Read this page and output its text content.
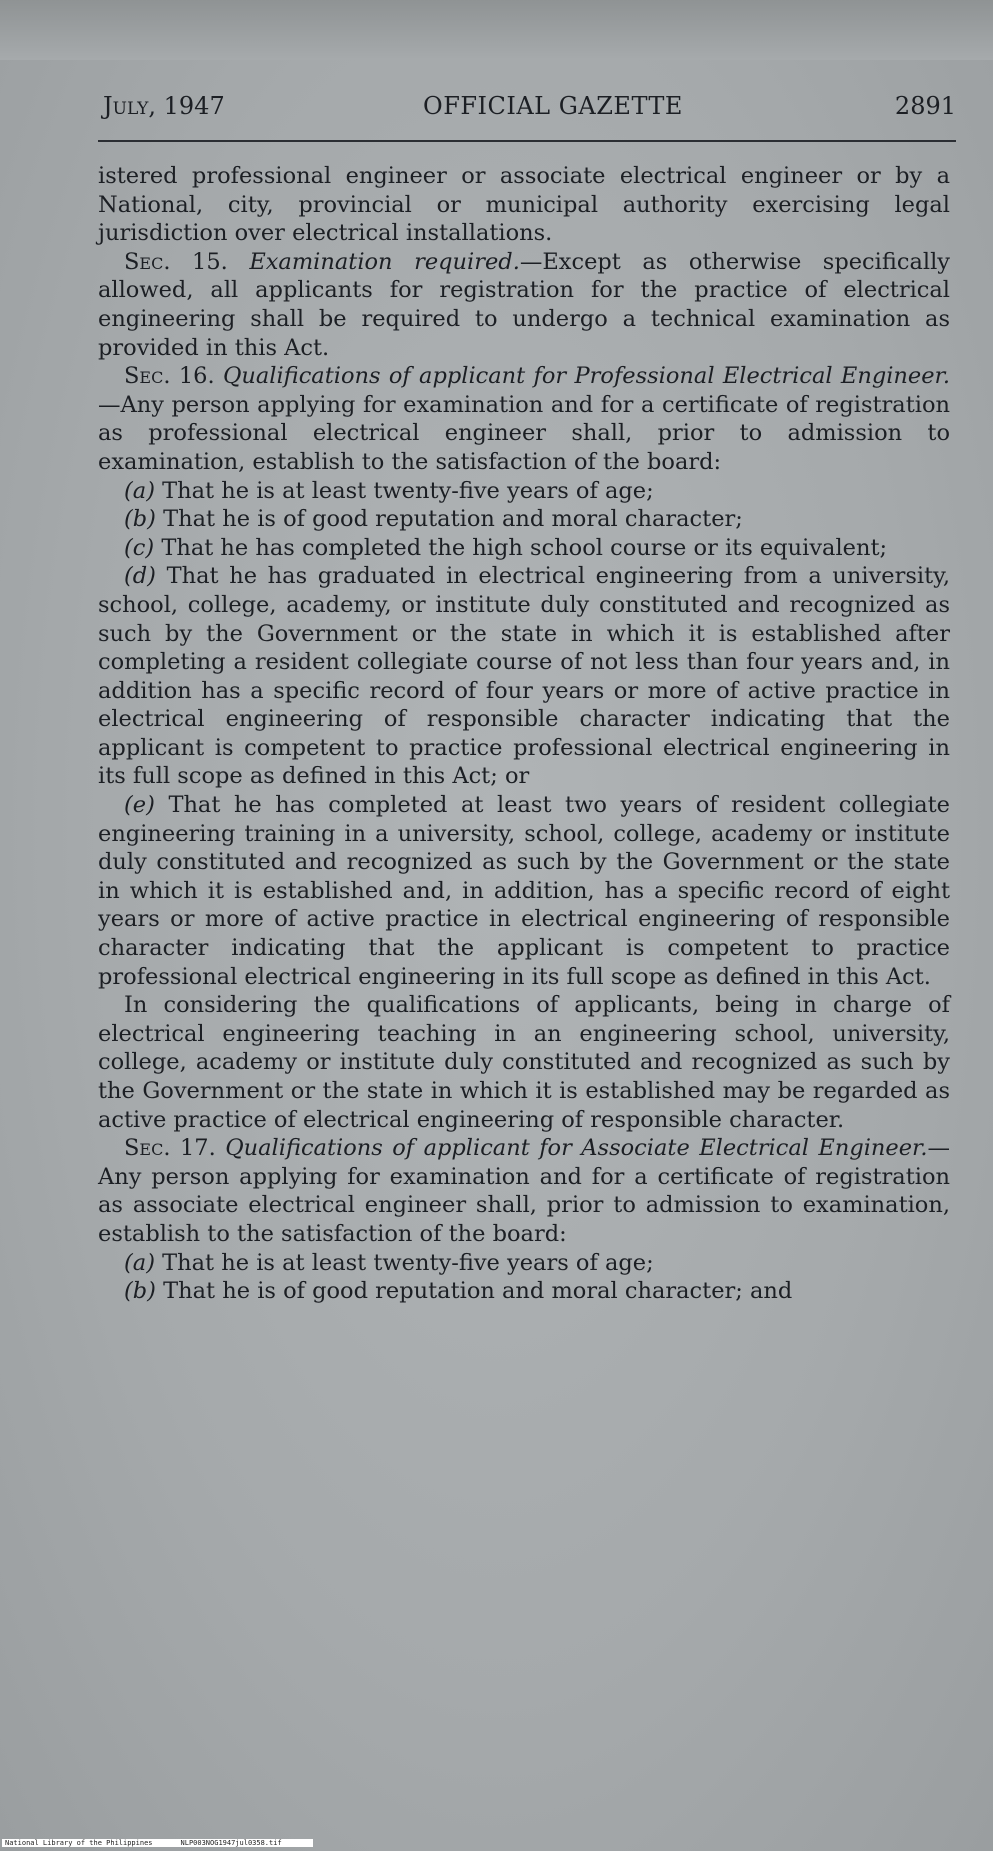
July, 1947	OFFICIAL GAZETTE	2891

istered professional engineer or associate electrical engineer or by a National, city, provincial or municipal authority exercising legal jurisdiction over electrical installations.

Sec. 15. Examination required.—Except as otherwise specifically allowed, all applicants for registration for the practice of electrical engineering shall be required to undergo a technical examination as provided in this Act.

Sec. 16. Qualifications of applicant for Professional Electrical Engineer.—Any person applying for examination and for a certificate of registration as professional electrical engineer shall, prior to admission to examination, establish to the satisfaction of the board:

(a) That he is at least twenty-five years of age;

(b) That he is of good reputation and moral character;

(c) That he has completed the high school course or its equivalent;

(d) That he has graduated in electrical engineering from a university, school, college, academy, or institute duly constituted and recognized as such by the Government or the state in which it is established after completing a resident collegiate course of not less than four years and, in addition has a specific record of four years or more of active practice in electrical engineering of responsible character indicating that the applicant is competent to practice professional electrical engineering in its full scope as defined in this Act; or

(e) That he has completed at least two years of resident collegiate engineering training in a university, school, college, academy or institute duly constituted and recognized as such by the Government or the state in which it is established and, in addition, has a specific record of eight years or more of active practice in electrical engineering of responsible character indicating that the applicant is competent to practice professional electrical engineering in its full scope as defined in this Act.

In considering the qualifications of applicants, being in charge of electrical engineering teaching in an engineering school, university, college, academy or institute duly constituted and recognized as such by the Government or the state in which it is established may be regarded as active practice of electrical engineering of responsible character.

Sec. 17. Qualifications of applicant for Associate Electrical Engineer.—Any person applying for examination and for a certificate of registration as associate electrical engineer shall, prior to admission to examination, establish to the satisfaction of the board:

(a) That he is at least twenty-five years of age;

(b) That he is of good reputation and moral character; and

National Library of the Philippines	NLP003NOG1947jul0358.tif
